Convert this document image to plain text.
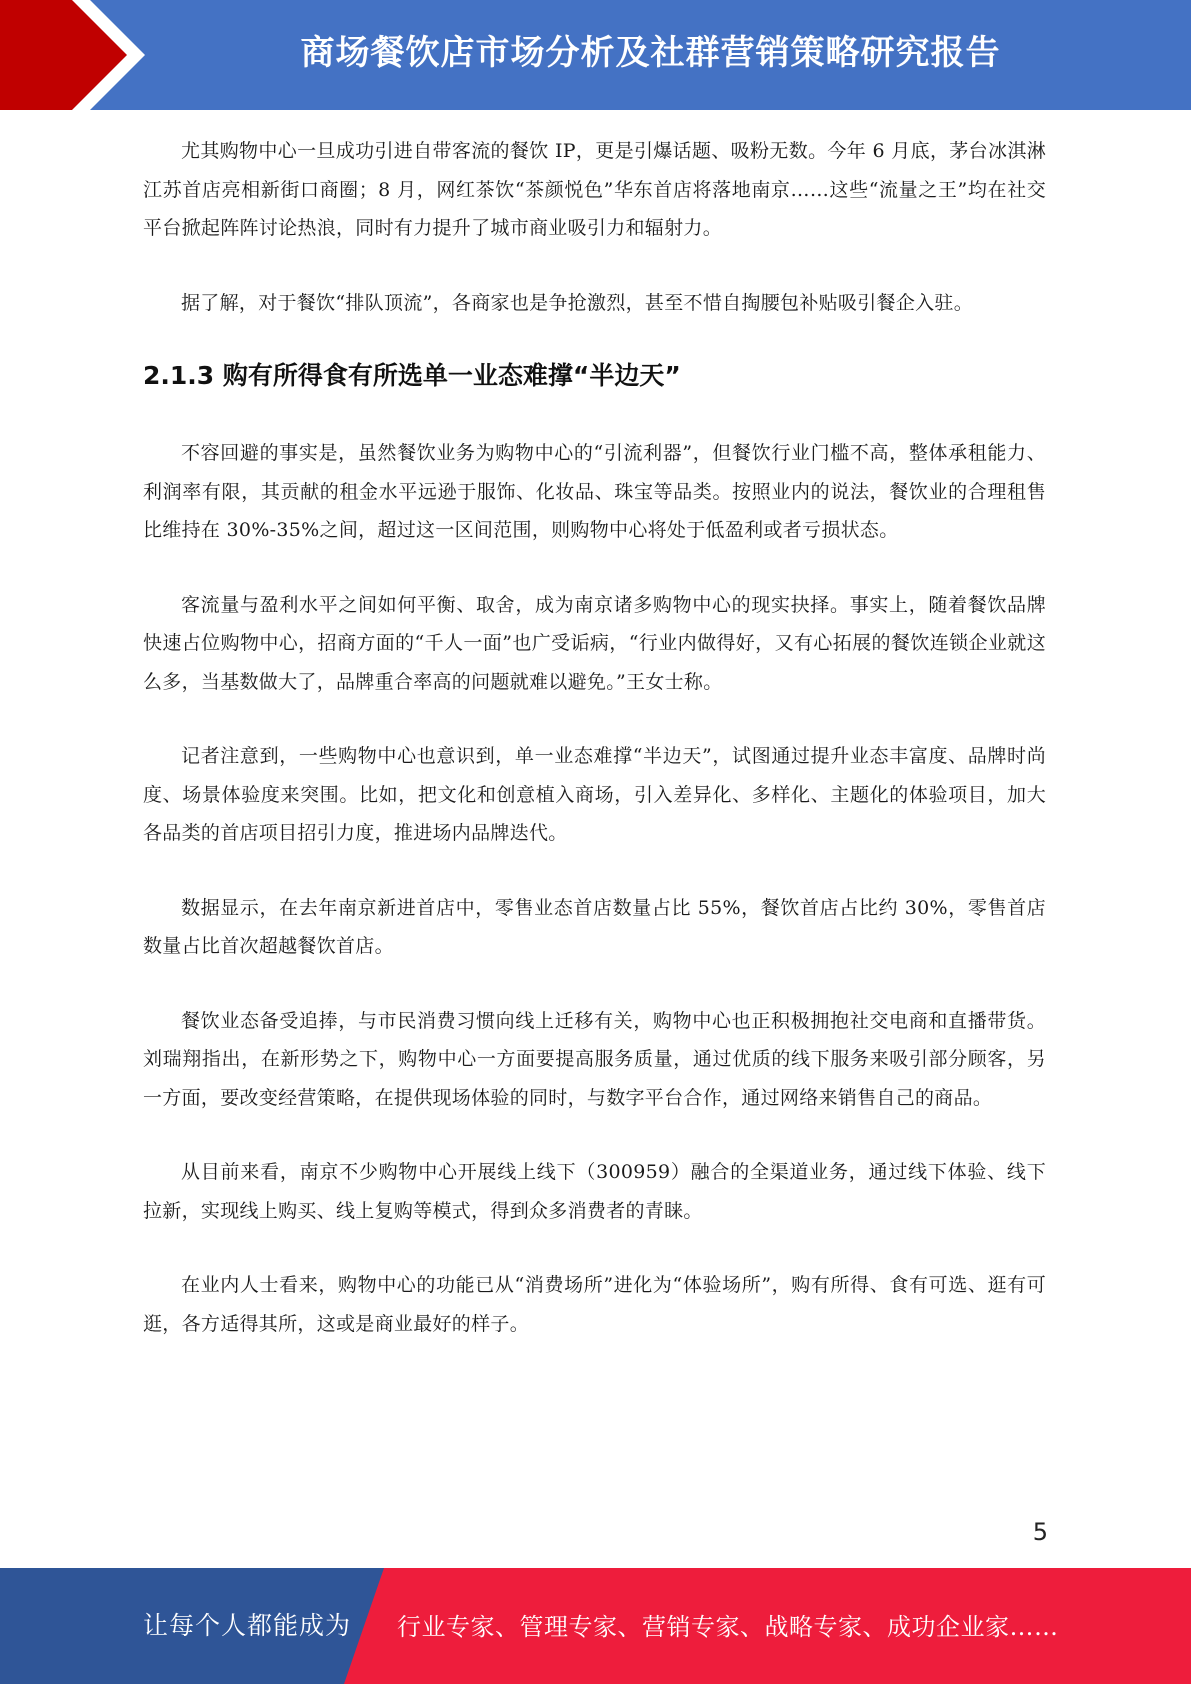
商场餐饮店市场分析及社群营销策略研究报告

尤其购物中心一旦成功引进自带客流的餐饮 IP，更是引爆话题、吸粉无数。今年 6 月底，茅台冰淇淋江苏首店亮相新街口商圈；8 月，网红茶饮“茶颜悦色”华东首店将落地南京……这些“流量之王”均在社交平台掀起阵阵讨论热浪，同时有力提升了城市商业吸引力和辐射力。

据了解，对于餐饮“排队顶流”，各商家也是争抢激烈，甚至不惜自掏腰包补贴吸引餐企入驻。

2.1.3 购有所得食有所选单一业态难撑“半边天”

不容回避的事实是，虽然餐饮业务为购物中心的“引流利器”，但餐饮行业门槛不高，整体承租能力、利润率有限，其贡献的租金水平远逊于服饰、化妆品、珠宝等品类。按照业内的说法，餐饮业的合理租售比维持在 30%-35%之间，超过这一区间范围，则购物中心将处于低盈利或者亏损状态。

客流量与盈利水平之间如何平衡、取舍，成为南京诸多购物中心的现实抉择。事实上，随着餐饮品牌快速占位购物中心，招商方面的“千人一面”也广受诟病，“行业内做得好，又有心拓展的餐饮连锁企业就这么多，当基数做大了，品牌重合率高的问题就难以避免。”王女士称。

记者注意到，一些购物中心也意识到，单一业态难撑“半边天”，试图通过提升业态丰富度、品牌时尚度、场景体验度来突围。比如，把文化和创意植入商场，引入差异化、多样化、主题化的体验项目，加大各品类的首店项目招引力度，推进场内品牌迭代。

数据显示，在去年南京新进首店中，零售业态首店数量占比 55%，餐饮首店占比约 30%，零售首店数量占比首次超越餐饮首店。

餐饮业态备受追捧，与市民消费习惯向线上迁移有关，购物中心也正积极拥抱社交电商和直播带货。刘瑞翔指出，在新形势之下，购物中心一方面要提高服务质量，通过优质的线下服务来吸引部分顾客，另一方面，要改变经营策略，在提供现场体验的同时，与数字平台合作，通过网络来销售自己的商品。

从目前来看，南京不少购物中心开展线上线下（300959）融合的全渠道业务，通过线下体验、线下拉新，实现线上购买、线上复购等模式，得到众多消费者的青睐。

在业内人士看来，购物中心的功能已从“消费场所”进化为“体验场所”，购有所得、食有可选、逛有可逛，各方适得其所，这或是商业最好的样子。

5
让每个人都能成为 行业专家、管理专家、营销专家、战略专家、成功企业家……
